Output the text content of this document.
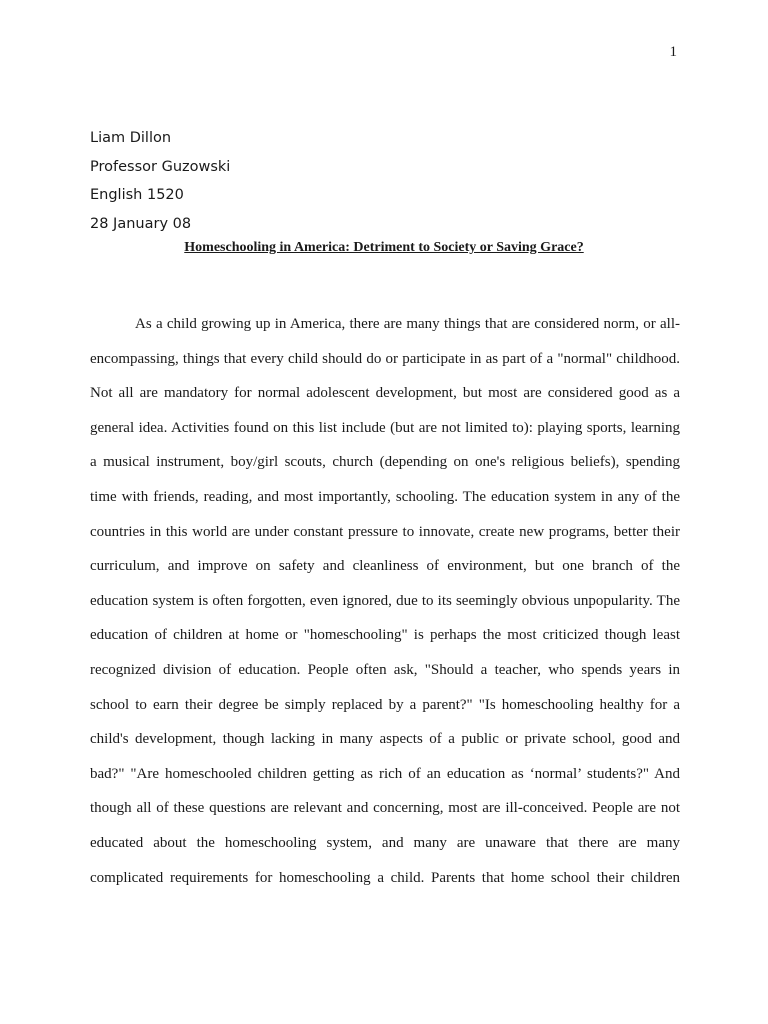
1
Liam Dillon
Professor Guzowski
English 1520
28 January 08
Homeschooling in America: Detriment to Society or Saving Grace?
As a child growing up in America, there are many things that are considered norm, or all-
encompassing, things that every child should do or participate in as part of a "normal" childhood.
Not all are mandatory for normal adolescent development, but most are considered good as a
general idea. Activities found on this list include (but are not limited to): playing sports, learning
a musical instrument, boy/girl scouts, church (depending on one's religious beliefs), spending
time with friends, reading, and most importantly, schooling. The education system in any of the
countries in this world are under constant pressure to innovate, create new programs, better their
curriculum, and improve on safety and cleanliness of environment, but one branch of the
education system is often forgotten, even ignored, due to its seemingly obvious unpopularity. The
education of children at home or "homeschooling" is perhaps the most criticized though least
recognized division of education. People often ask, "Should a teacher, who spends years in
school to earn their degree be simply replaced by a parent?" "Is homeschooling healthy for a
child's development, though lacking in many aspects of a public or private school, good and
bad?" "Are homeschooled children getting as rich of an education as ‘normal’ students?" And
though all of these questions are relevant and concerning, most are ill-conceived. People are not
educated about the homeschooling system, and many are unaware that there are many
complicated requirements for homeschooling a child. Parents that home school their children
